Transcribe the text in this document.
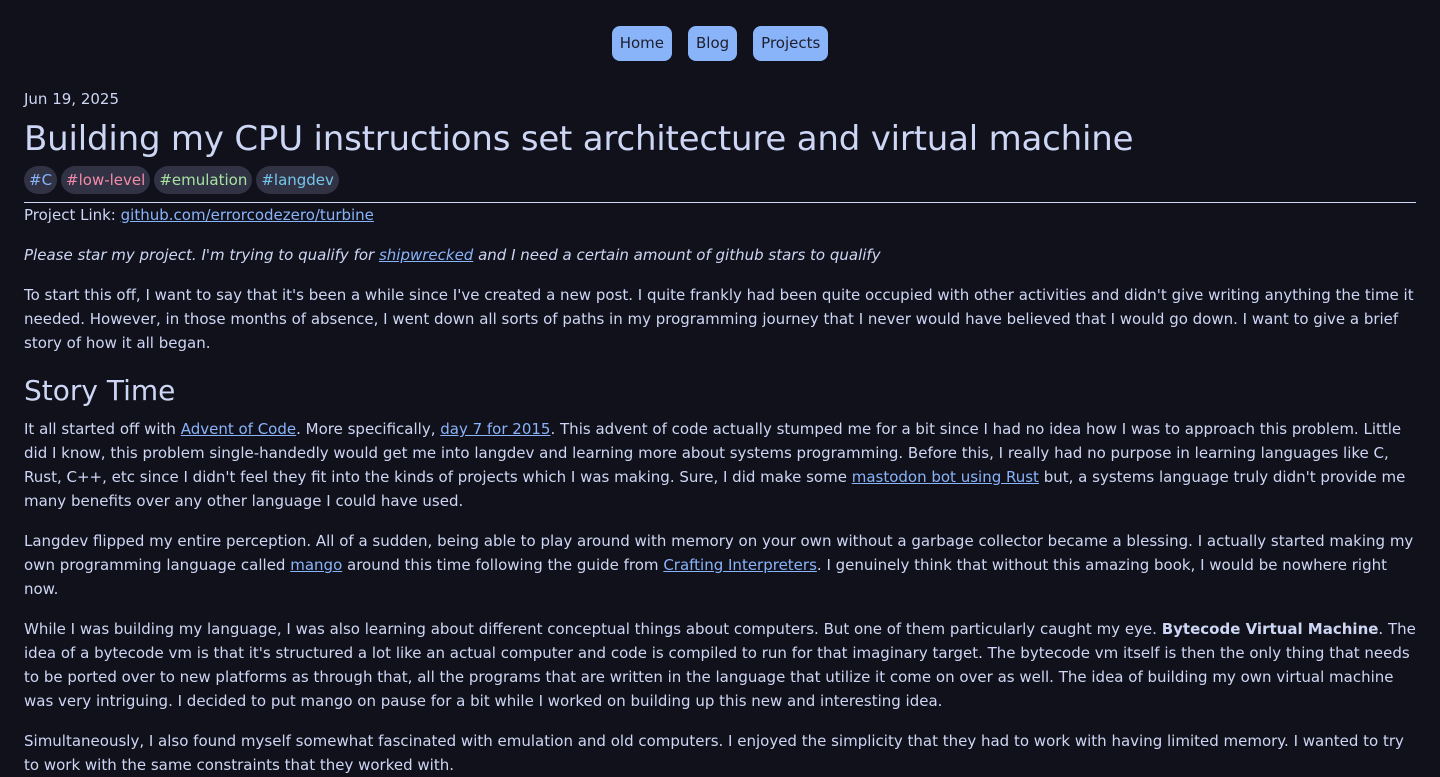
Home	Blog	Projects
Jun 19, 2025
Building my CPU instructions set architecture and virtual machine
#C #low-level #emulation #langdev
Project Link: github.com/errorcodezero/turbine

Please star my project. I'm trying to qualify for shipwrecked and I need a certain amount of github stars to qualify

To start this off, I want to say that it's been a while since I've created a new post. I quite frankly had been quite occupied with other activities and didn't give writing anything the time it needed. However, in those months of absence, I went down all sorts of paths in my programming journey that I never would have believed that I would go down. I want to give a brief story of how it all began.

Story Time

It all started off with Advent of Code. More specifically, day 7 for 2015. This advent of code actually stumped me for a bit since I had no idea how I was to approach this problem. Little did I know, this problem single-handedly would get me into langdev and learning more about systems programming. Before this, I really had no purpose in learning languages like C, Rust, C++, etc since I didn't feel they fit into the kinds of projects which I was making. Sure, I did make some mastodon bot using Rust but, a systems language truly didn't provide me many benefits over any other language I could have used.

Langdev flipped my entire perception. All of a sudden, being able to play around with memory on your own without a garbage collector became a blessing. I actually started making my own programming language called mango around this time following the guide from Crafting Interpreters. I genuinely think that without this amazing book, I would be nowhere right now.

While I was building my language, I was also learning about different conceptual things about computers. But one of them particularly caught my eye. Bytecode Virtual Machine. The idea of a bytecode vm is that it's structured a lot like an actual computer and code is compiled to run for that imaginary target. The bytecode vm itself is then the only thing that needs to be ported over to new platforms as through that, all the programs that are written in the language that utilize it come on over as well. The idea of building my own virtual machine was very intriguing. I decided to put mango on pause for a bit while I worked on building up this new and interesting idea.

Simultaneously, I also found myself somewhat fascinated with emulation and old computers. I enjoyed the simplicity that they had to work with having limited memory. I wanted to try to work with the same constraints that they worked with.
